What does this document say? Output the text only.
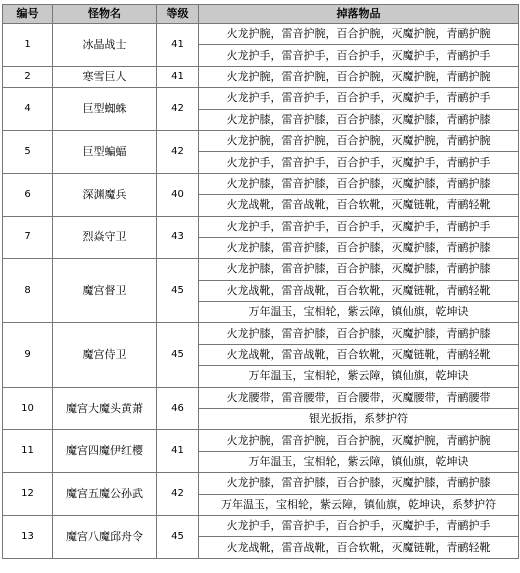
编号	怪物名	等级	掉落物品
1	冰晶战士	41	火龙护腕，雷音护腕，百合护腕，灭魔护腕，青鹂护腕
			火龙护手，雷音护手，百合护手，灭魔护手，青鹂护手
2	寒雪巨人	41	火龙护腕，雷音护腕，百合护腕，灭魔护腕，青鹂护腕
4	巨型蜘蛛	42	火龙护手，雷音护手，百合护手，灭魔护手，青鹂护手
			火龙护膝，雷音护膝，百合护膝，灭魔护膝，青鹂护膝
5	巨型蝙蝠	42	火龙护腕，雷音护腕，百合护腕，灭魔护腕，青鹂护腕
			火龙护手，雷音护手，百合护手，灭魔护手，青鹂护手
6	深渊魔兵	40	火龙护膝，雷音护膝，百合护膝，灭魔护膝，青鹂护膝
			火龙战靴，雷音战靴，百合软靴，灭魔链靴，青鹂轻靴
7	烈焱守卫	43	火龙护手，雷音护手，百合护手，灭魔护手，青鹂护手
			火龙护膝，雷音护膝，百合护膝，灭魔护膝，青鹂护膝
8	魔宫督卫	45	火龙护膝，雷音护膝，百合护膝，灭魔护膝，青鹂护膝
			火龙战靴，雷音战靴，百合软靴，灭魔链靴，青鹂轻靴
			万年温玉，宝相轮，紫云障，镇仙旗，乾坤诀
9	魔宫侍卫	45	火龙护膝，雷音护膝，百合护膝，灭魔护膝，青鹂护膝
			火龙战靴，雷音战靴，百合软靴，灭魔链靴，青鹂轻靴
			万年温玉，宝相轮，紫云障，镇仙旗，乾坤诀
10	魔宫大魔头黄萧	46	火龙腰带，雷音腰带，百合腰带，灭魔腰带，青鹂腰带
			银光扳指，系梦护符
11	魔宫四魔伊红樱	41	火龙护腕，雷音护腕，百合护腕，灭魔护腕，青鹂护腕
			万年温玉，宝相轮，紫云障，镇仙旗，乾坤诀
12	魔宫五魔公孙武	42	火龙护膝，雷音护膝，百合护膝，灭魔护膝，青鹂护膝
			万年温玉，宝相轮，紫云障，镇仙旗，乾坤诀，系梦护符
13	魔宫八魔邱舟令	45	火龙护手，雷音护手，百合护手，灭魔护手，青鹂护手
			火龙战靴，雷音战靴，百合软靴，灭魔链靴，青鹂轻靴
